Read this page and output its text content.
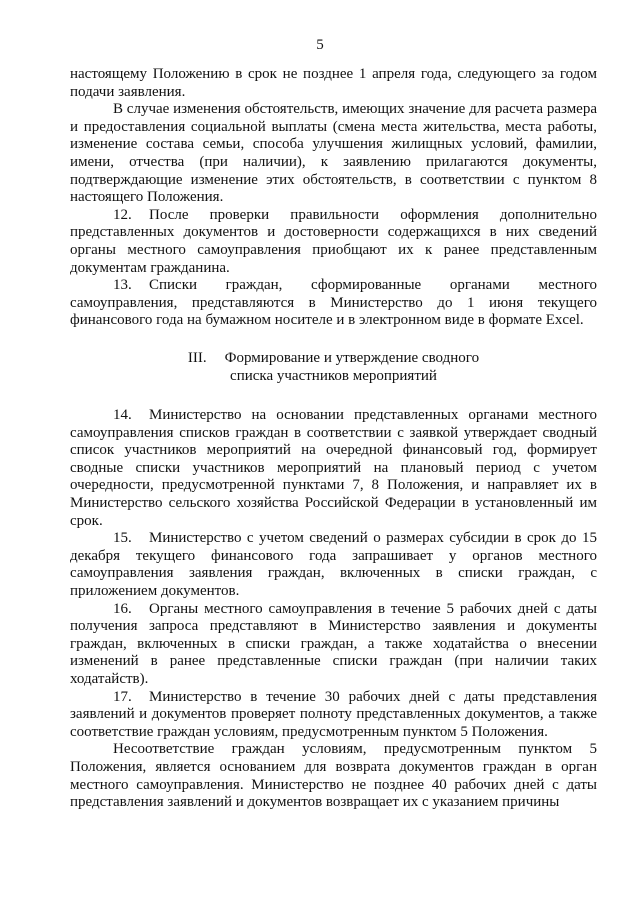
5

настоящему Положению в срок не позднее 1 апреля года, следующего за годом подачи заявления.

В случае изменения обстоятельств, имеющих значение для расчета размера и предоставления социальной выплаты (смена места жительства, места работы, изменение состава семьи, способа улучшения жилищных условий, фамилии, имени, отчества (при наличии), к заявлению прилагаются документы, подтверждающие изменение этих обстоятельств, в соответствии с пунктом 8 настоящего Положения.

12. После проверки правильности оформления дополнительно представленных документов и достоверности содержащихся в них сведений органы местного самоуправления приобщают их к ранее представленным документам гражданина.

13. Списки граждан, сформированные органами местного самоуправления, представляются в Министерство до 1 июня текущего финансового года на бумажном носителе и в электронном виде в формате Excel.

III. Формирование и утверждение сводного
списка участников мероприятий

14. Министерство на основании представленных органами местного самоуправления списков граждан в соответствии с заявкой утверждает сводный список участников мероприятий на очередной финансовый год, формирует сводные списки участников мероприятий на плановый период с учетом очередности, предусмотренной пунктами 7, 8 Положения, и направляет их в Министерство сельского хозяйства Российской Федерации в установленный им срок.

15. Министерство с учетом сведений о размерах субсидии в срок до 15 декабря текущего финансового года запрашивает у органов местного самоуправления заявления граждан, включенных в списки граждан, с приложением документов.

16. Органы местного самоуправления в течение 5 рабочих дней с даты получения запроса представляют в Министерство заявления и документы граждан, включенных в списки граждан, а также ходатайства о внесении изменений в ранее представленные списки граждан (при наличии таких ходатайств).

17. Министерство в течение 30 рабочих дней с даты представления заявлений и документов проверяет полноту представленных документов, а также соответствие граждан условиям, предусмотренным пунктом 5 Положения.

Несоответствие граждан условиям, предусмотренным пунктом 5 Положения, является основанием для возврата документов граждан в орган местного самоуправления. Министерство не позднее 40 рабочих дней с даты представления заявлений и документов возвращает их с указанием причины
